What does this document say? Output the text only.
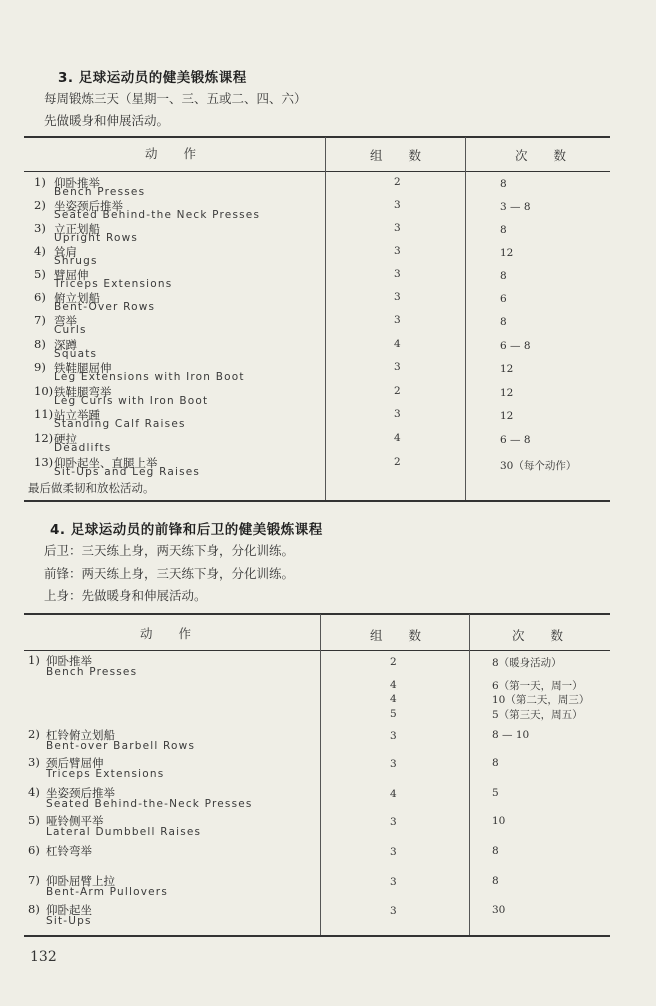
3. 足球运动员的健美锻炼课程
每周锻炼三天（星期一、三、五或二、四、六）
先做暖身和伸展活动。
动作	组数	次数
1) 仰卧推举
Bench Presses
2	8
2) 坐姿颈后推举
Seated Behind-the Neck Presses
3	3 — 8
3) 立正划船
Upright Rows
3	8
4) 耸肩
Shrugs
3	12
5) 臂屈伸
Triceps Extensions
3	8
6) 俯立划船
Bent-Over Rows
3	6
7) 弯举
Curls
3	8
8) 深蹲
Squats
4	6 — 8
9) 铁鞋腿屈伸
Leg Extensions with Iron Boot
3	12
10) 铁鞋腿弯举
Leg Curls with Iron Boot
2	12
11) 站立举踵
Standing Calf Raises
3	12
12) 硬拉
Deadlifts
4	6 — 8
13) 仰卧起坐、直腿上举
Sit-Ups and Leg Raises
2	30（每个动作）
最后做柔韧和放松活动。
4. 足球运动员的前锋和后卫的健美锻炼课程
后卫：三天练上身，两天练下身，分化训练。
前锋：两天练上身，三天练下身，分化训练。
上身：先做暖身和伸展活动。
动作	组数	次数
1) 仰卧推举
Bench Presses
2	8（暖身活动）
4	6（第一天，周一）
4	10（第二天，周三）
5	5（第三天，周五）
2) 杠铃俯立划船
Bent-over Barbell Rows
3	8 — 10
3) 颈后臂屈伸
Triceps Extensions
3	8
4) 坐姿颈后推举
Seated Behind-the-Neck Presses
4	5
5) 哑铃侧平举
Lateral Dumbbell Raises
3	10
6) 杠铃弯举	3	8
7) 仰卧屈臂上拉
Bent-Arm Pullovers
3	8
8) 仰卧起坐
Sit-Ups
3	30
132
